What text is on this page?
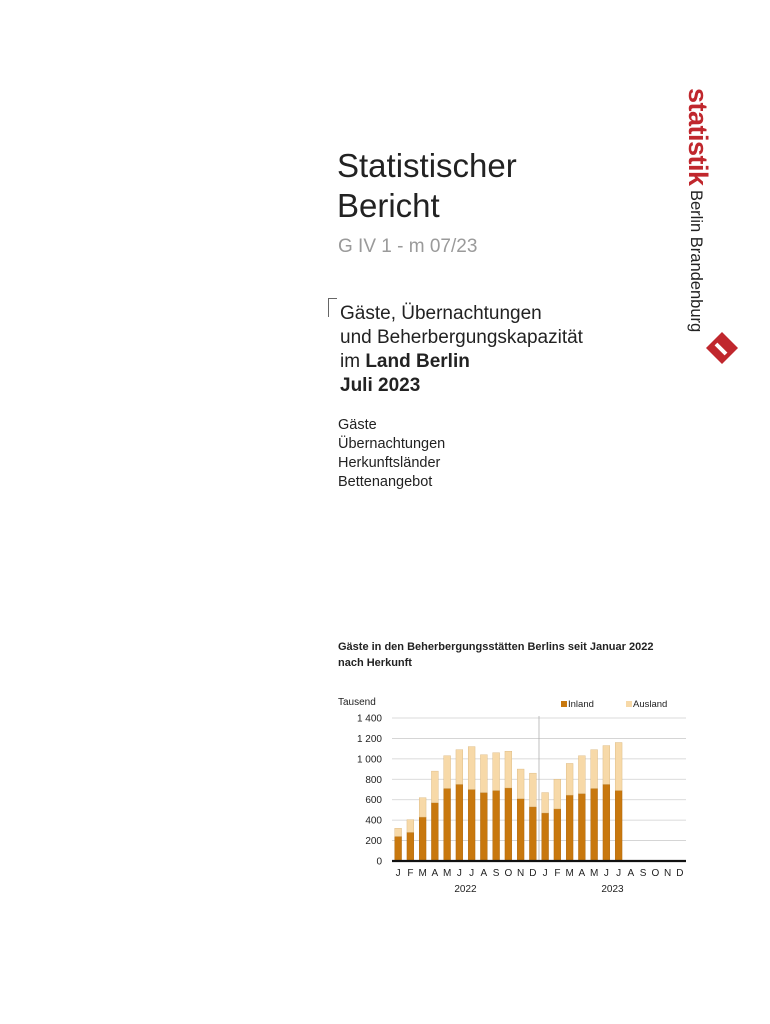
Statistischer
Bericht
G IV 1 - m 07/23
Gäste, Übernachtungen
und Beherbergungskapazität
im Land Berlin
Juli 2023
Gäste
Übernachtungen
Herkunftsländer
Bettenangebot
statistik
Berlin Brandenburg
Gäste in den Beherbergungsstätten Berlins seit Januar 2022
nach Herkunft
Tausend
0
200
400
600
800
1 000
1 200
1 400
J F M A M J J A S O N D J F M A M J J A S O N D
2022	2023
Inland	Ausland
